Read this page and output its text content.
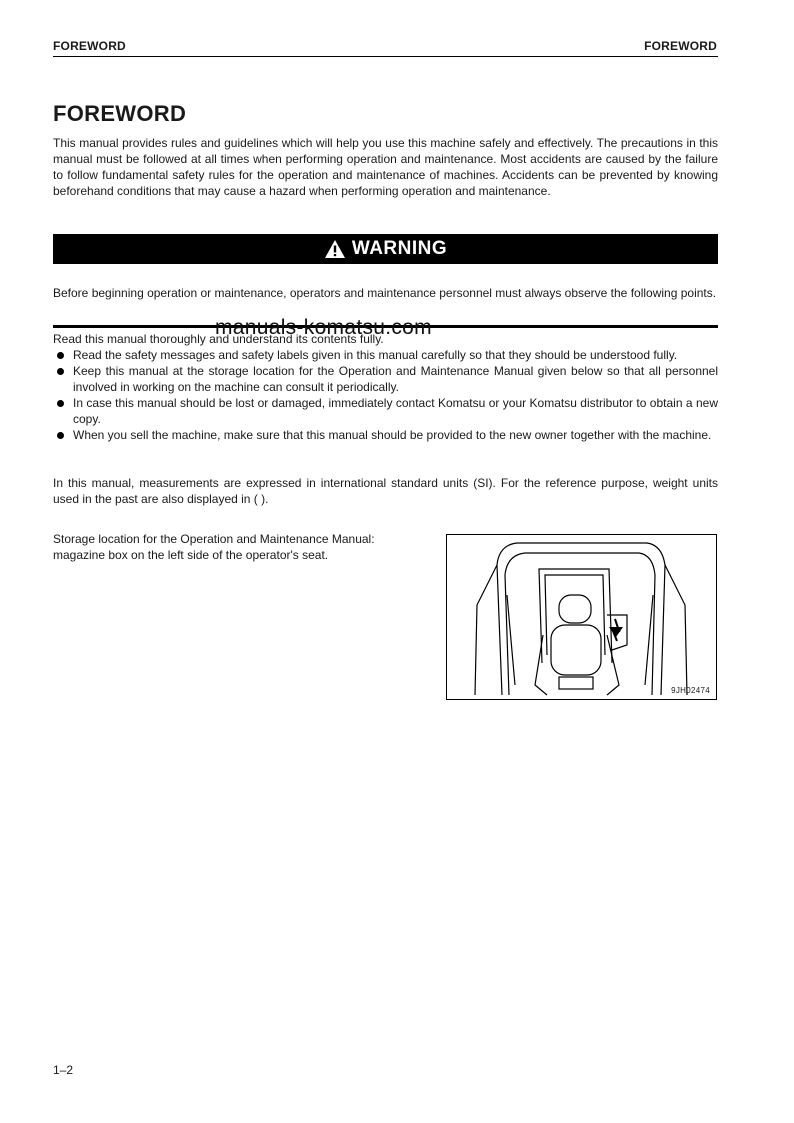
FOREWORD	FOREWORD
FOREWORD
This manual provides rules and guidelines which will help you use this machine safely and effectively. The precautions in this manual must be followed at all times when performing operation and maintenance. Most accidents are caused by the failure to follow fundamental safety rules for the operation and maintenance of machines. Accidents can be prevented by knowing beforehand conditions that may cause a hazard when performing operation and maintenance.
WARNING
Before beginning operation or maintenance, operators and maintenance personnel must always observe the following points.
manuals-komatsu.com
Read this manual thoroughly and understand its contents fully.
Read the safety messages and safety labels given in this manual carefully so that they should be understood fully.
Keep this manual at the storage location for the Operation and Maintenance Manual given below so that all personnel involved in working on the machine can consult it periodically.
In case this manual should be lost or damaged, immediately contact Komatsu or your Komatsu distributor to obtain a new copy.
When you sell the machine, make sure that this manual should be provided to the new owner together with the machine.
In this manual, measurements are expressed in international standard units (SI). For the reference purpose, weight units used in the past are also displayed in ( ).
Storage location for the Operation and Maintenance Manual:
magazine box on the left side of the operator's seat.
9JH02474
1–2
